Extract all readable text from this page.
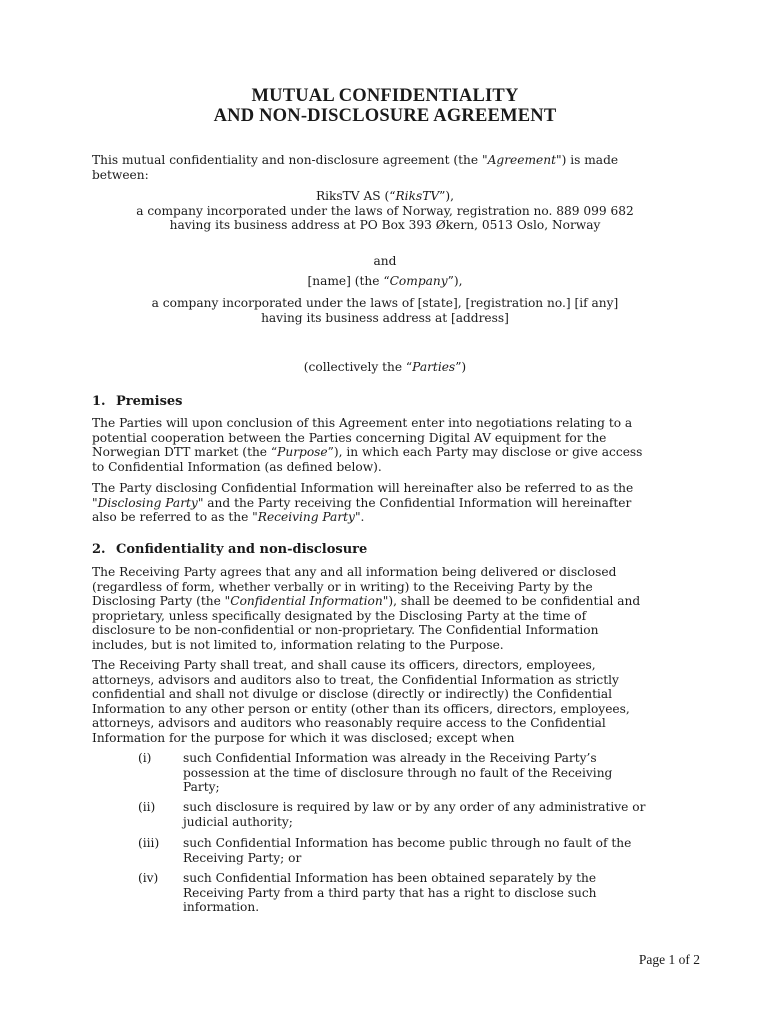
MUTUAL CONFIDENTIALITY
AND NON-DISCLOSURE AGREEMENT

This mutual confidentiality and non-disclosure agreement (the "Agreement") is made
between:

RiksTV AS (“RiksTV”),
a company incorporated under the laws of Norway, registration no. 889 099 682
having its business address at PO Box 393 Økern, 0513 Oslo, Norway

and

[name] (the “Company”),

a company incorporated under the laws of [state], [registration no.] [if any]
having its business address at [address]

(collectively the “Parties”)

1. Premises

The Parties will upon conclusion of this Agreement enter into negotiations relating to a
potential cooperation between the Parties concerning Digital AV equipment for the
Norwegian DTT market (the “Purpose”), in which each Party may disclose or give access
to Confidential Information (as defined below).

The Party disclosing Confidential Information will hereinafter also be referred to as the
"Disclosing Party" and the Party receiving the Confidential Information will hereinafter
also be referred to as the "Receiving Party".

2. Confidentiality and non-disclosure

The Receiving Party agrees that any and all information being delivered or disclosed
(regardless of form, whether verbally or in writing) to the Receiving Party by the
Disclosing Party (the "Confidential Information"), shall be deemed to be confidential and
proprietary, unless specifically designated by the Disclosing Party at the time of
disclosure to be non-confidential or non-proprietary. The Confidential Information
includes, but is not limited to, information relating to the Purpose.

The Receiving Party shall treat, and shall cause its officers, directors, employees,
attorneys, advisors and auditors also to treat, the Confidential Information as strictly
confidential and shall not divulge or disclose (directly or indirectly) the Confidential
Information to any other person or entity (other than its officers, directors, employees,
attorneys, advisors and auditors who reasonably require access to the Confidential
Information for the purpose for which it was disclosed; except when

(i)	such Confidential Information was already in the Receiving Party’s
possession at the time of disclosure through no fault of the Receiving
Party;
(ii) such disclosure is required by law or by any order of any administrative or
judicial authority;
(iii) such Confidential Information has become public through no fault of the
Receiving Party; or
(iv) such Confidential Information has been obtained separately by the
Receiving Party from a third party that has a right to disclose such
information.
Page 1 of 2
